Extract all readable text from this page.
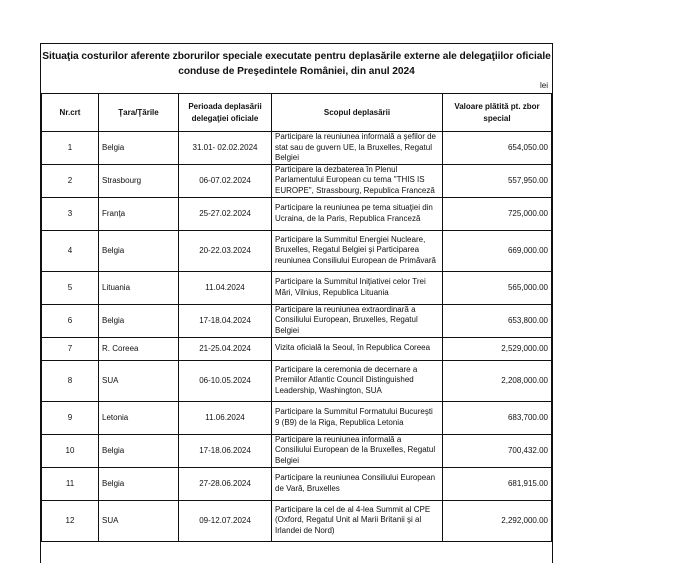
Situaţia costurilor aferente zborurilor speciale executate pentru deplasările externe ale delegaţiilor oficiale
conduse de Preşedintele României, din anul 2024
lei
Nr.crt	Ţara/Ţările	Perioada deplasării delegaţiei oficiale	Scopul deplasării	Valoare plătită pt. zbor special
1	Belgia	31.01- 02.02.2024	Participare la reuniunea informală a şefilor de stat sau de guvern UE, la Bruxelles, Regatul Belgiei	654,050.00
2	Strasbourg	06-07.02.2024	Participare la dezbaterea în Plenul Parlamentului European cu tema "THIS IS EUROPE", Strassbourg, Republica Franceză	557,950.00
3	Franţa	25-27.02.2024	Participare la reuniunea pe tema situaţiei din Ucraina, de la Paris, Republica Franceză	725,000.00
4	Belgia	20-22.03.2024	Participare la Summitul Energiei Nucleare, Bruxelles, Regatul Belgiei şi Participarea reuniunea Consiliului European de Primăvară	669,000.00
5	Lituania	11.04.2024	Participare la Summitul Iniţiativei celor Trei Mări, Vilnius, Republica Lituania	565,000.00
6	Belgia	17-18.04.2024	Participare la reuniunea extraordinară a Consiliului European, Bruxelles, Regatul Belgiei	653,800.00
7	R. Coreea	21-25.04.2024	Vizita oficială la Seoul, în Republica Coreea	2,529,000.00
8	SUA	06-10.05.2024	Participare la ceremonia de decernare a Premiilor Atlantic Council Distinguished Leadership, Washington, SUA	2,208,000.00
9	Letonia	11.06.2024	Participare la Summitul Formatului Bucureşti 9 (B9) de la Riga, Republica Letonia	683,700.00
10	Belgia	17-18.06.2024	Participare la reuniunea informală a Consiliului European de la Bruxelles, Regatul Belgiei	700,432.00
11	Belgia	27-28.06.2024	Participare la reuniunea Consiliului European de Vară, Bruxelles	681,915.00
12	SUA	09-12.07.2024	Participare la cel de al 4-lea Summit al CPE (Oxford, Regatul Unit al Marii Britanii şi al Irlandei de Nord)	2,292,000.00
